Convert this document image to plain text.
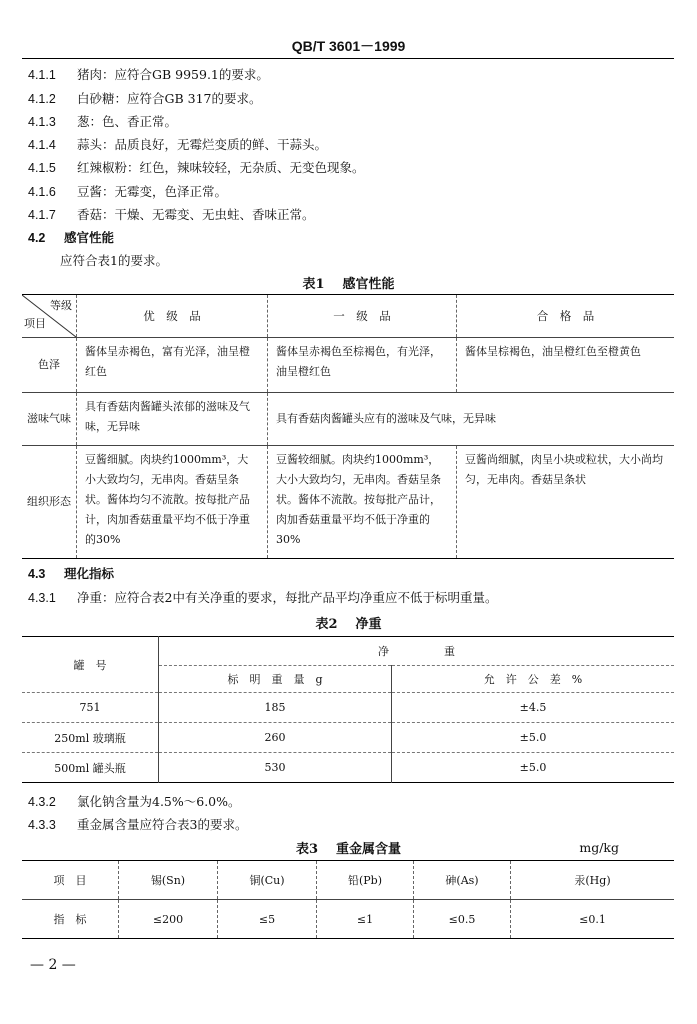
QB/T 3601－1999
4.1.1 猪肉：应符合GB 9959.1的要求。
4.1.2 白砂糖：应符合GB 317的要求。
4.1.3 葱：色、香正常。
4.1.4 蒜头：品质良好，无霉烂变质的鲜、干蒜头。
4.1.5 红辣椒粉：红色，辣味较轻，无杂质、无变色现象。
4.1.6 豆酱：无霉变，色泽正常。
4.1.7 香菇：干燥、无霉变、无虫蛀、香味正常。
4.2 感官性能
应符合表1的要求。
表1 感官性能
等级
项目	优　级　品	一　级　品	合　格　品
色泽	酱体呈赤褐色，富有光泽，油呈橙红色	酱体呈赤褐色至棕褐色，有光泽，油呈橙红色	酱体呈棕褐色，油呈橙红色至橙黄色
滋味气味	具有香菇肉酱罐头浓郁的滋味及气味，无异味	具有香菇肉酱罐头应有的滋味及气味，无异味	
组织形态	豆酱细腻。肉块约1000mm³，大小大致均匀，无串肉。香菇呈条状。酱体均匀不流散。按每批产品计，肉加香菇重量平均不低于净重的30%	豆酱较细腻。肉块约1000mm³，大小大致均匀，无串肉。香菇呈条状。酱体不流散。按每批产品计，肉加香菇重量平均不低于净重的30%	豆酱尚细腻，肉呈小块或粒状，大小尚均匀，无串肉。香菇呈条状
4.3 理化指标
4.3.1 净重：应符合表2中有关净重的要求，每批产品平均净重应不低于标明重量。
表2 净重
罐　号	净　　　　　重	
	标　明　重　量　g	允　许　公　差　%
751	185	±4.5
250ml 玻璃瓶	260	±5.0
500ml 罐头瓶	530	±5.0
4.3.2 氯化钠含量为4.5%～6.0%。
4.3.3 重金属含量应符合表3的要求。
表3 重金属含量	mg/kg
项　目	锡(Sn)	铜(Cu)	铅(Pb)	砷(As)	汞(Hg)
指　标	≤200	≤5	≤1	≤0.5	≤0.1
— 2 —
